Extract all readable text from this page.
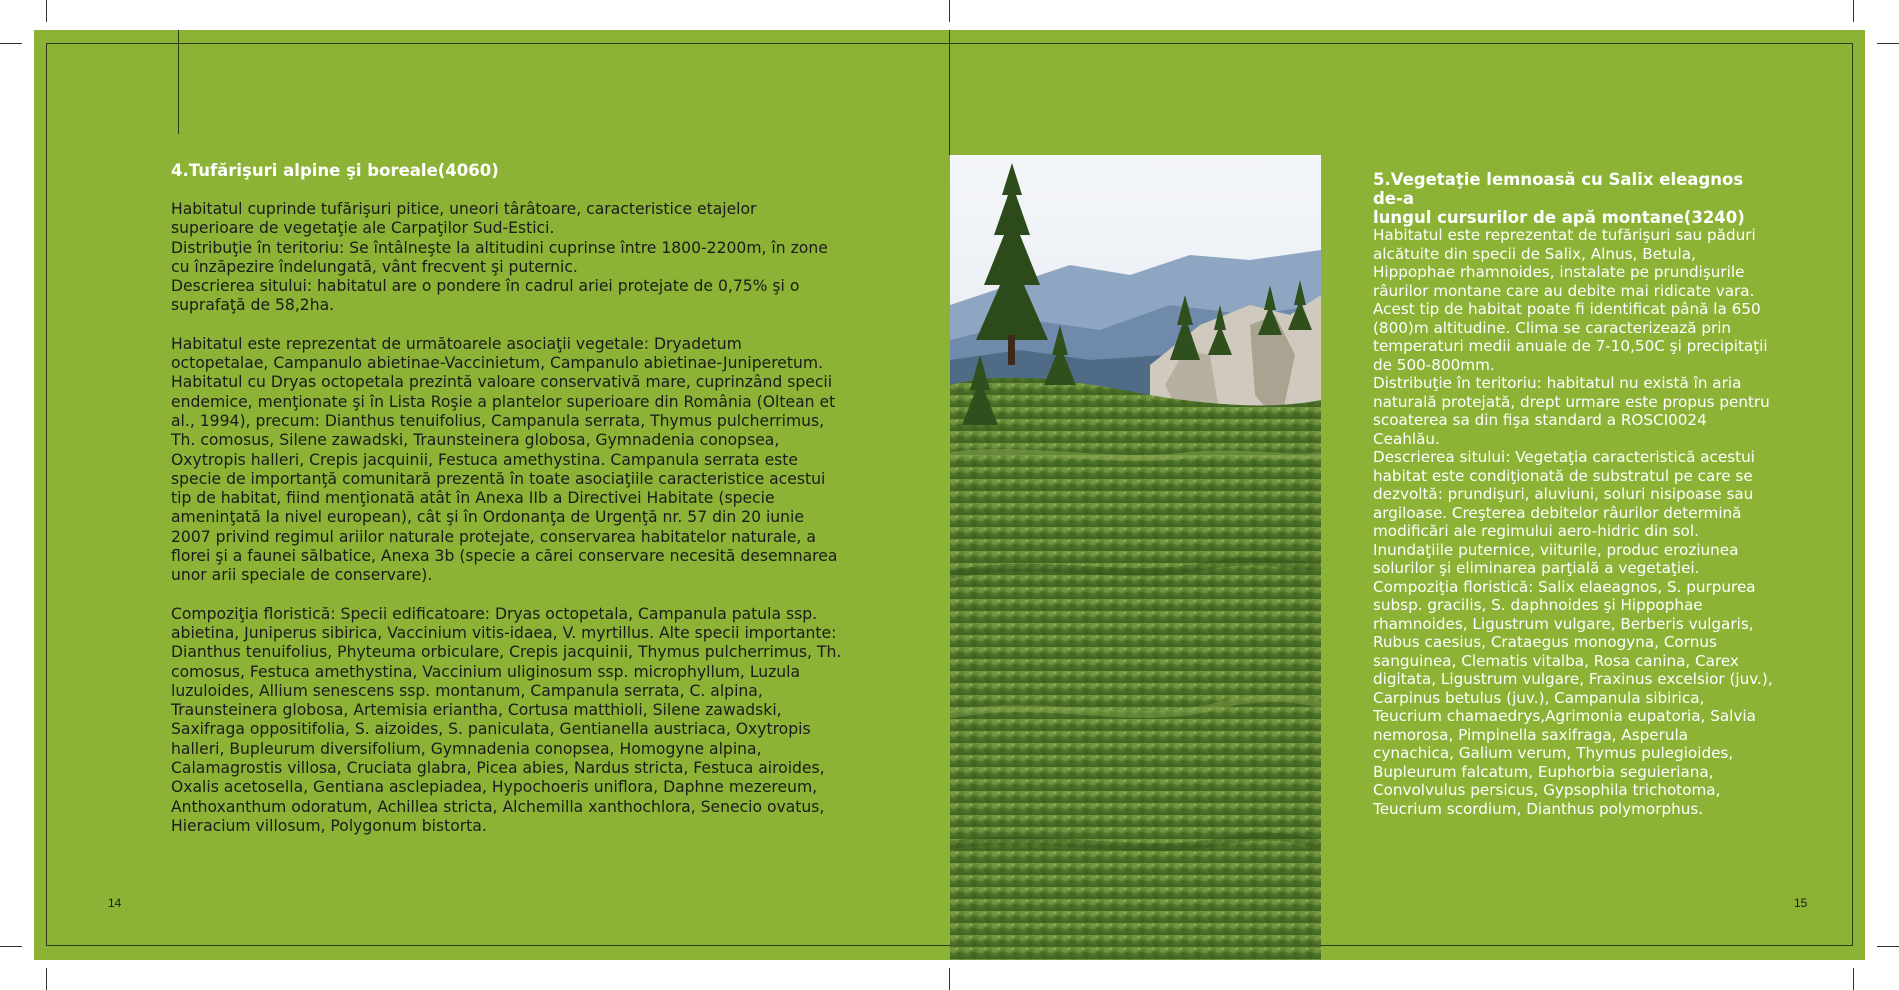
4.Tufărişuri alpine şi boreale(4060)

Habitatul cuprinde tufărişuri pitice, uneori târâtoare, caracteristice etajelor superioare de vegetaţie ale Carpaţilor Sud-Estici.

Distribuţie în teritoriu: Se întâlneşte la altitudini cuprinse între 1800-2200m, în zone cu înzăpezire îndelungată, vânt frecvent şi puternic.

Descrierea sitului: habitatul are o pondere în cadrul ariei protejate de 0,75% şi o suprafaţă de 58,2ha.

Habitatul este reprezentat de următoarele asociaţii vegetale: Dryadetum octopetalae, Campanulo abietinae-Vaccinietum, Campanulo abietinae-Juniperetum.

Habitatul cu Dryas octopetala prezintă valoare conservativă mare, cuprinzând specii endemice, menţionate şi în Lista Roşie a plantelor superioare din România (Oltean et al., 1994), precum: Dianthus tenuifolius, Campanula serrata, Thymus pulcherrimus, Th. comosus, Silene zawadski, Traunsteinera globosa, Gymnadenia conopsea, Oxytropis halleri, Crepis jacquinii, Festuca amethystina. Campanula serrata este specie de importanţă comunitară prezentă în toate asociaţiile caracteristice acestui tip de habitat, fiind menţionată atât în Anexa IIb a Directivei Habitate (specie ameninţată la nivel european), cât şi în Ordonanţa de Urgenţă nr. 57 din 20 iunie 2007 privind regimul ariilor naturale protejate, conservarea habitatelor naturale, a florei şi a faunei sălbatice, Anexa 3b (specie a cărei conservare necesită desemnarea unor arii speciale de conservare).

Compoziţia floristică: Specii edificatoare: Dryas octopetala, Campanula patula ssp. abietina, Juniperus sibirica, Vaccinium vitis-idaea, V. myrtillus. Alte specii importante: Dianthus tenuifolius, Phyteuma orbiculare, Crepis jacquinii, Thymus pulcherrimus, Th. comosus, Festuca amethystina, Vaccinium uliginosum ssp. microphyllum, Luzula luzuloides, Allium senescens ssp. montanum, Campanula serrata, C. alpina, Traunsteinera globosa, Artemisia eriantha, Cortusa matthioli, Silene zawadski, Saxifraga oppositifolia, S. aizoides, S. paniculata, Gentianella austriaca, Oxytropis halleri, Bupleurum diversifolium, Gymnadenia conopsea, Homogyne alpina, Calamagrostis villosa, Cruciata glabra, Picea abies, Nardus stricta, Festuca airoides, Oxalis acetosella, Gentiana asclepiadea, Hypochoeris uniflora, Daphne mezereum, Anthoxanthum odoratum, Achillea stricta, Alchemilla xanthochlora, Senecio ovatus, Hieracium villosum, Polygonum bistorta.

14
5.Vegetaţie lemnoasă cu Salix eleagnos de-a
lungul cursurilor de apă montane(3240)

Habitatul este reprezentat de tufărişuri sau păduri alcătuite din specii de Salix, Alnus, Betula, Hippophae rhamnoides, instalate pe prundişurile râurilor montane care au debite mai ridicate vara. Acest tip de habitat poate fi identificat până la 650 (800)m altitudine. Clima se caracterizează prin temperaturi medii anuale de 7-10,50C şi precipitaţii de 500-800mm.

Distribuţie în teritoriu: habitatul nu există în aria naturală protejată, drept urmare este propus pentru scoaterea sa din fişa standard a ROSCI0024 Ceahlău.

Descrierea sitului: Vegetaţia caracteristică acestui habitat este condiţionată de substratul pe care se dezvoltă: prundişuri, aluviuni, soluri nisipoase sau argiloase. Creşterea debitelor râurilor determină modificări ale regimului aero-hidric din sol. Inundaţiile puternice, viiturile, produc eroziunea solurilor şi eliminarea parţială a vegetaţiei.

Compoziţia floristică: Salix elaeagnos, S. purpurea subsp. gracilis, S. daphnoides şi Hippophae rhamnoides, Ligustrum vulgare, Berberis vulgaris, Rubus caesius, Crataegus monogyna, Cornus sanguinea, Clematis vitalba, Rosa canina, Carex digitata, Ligustrum vulgare, Fraxinus excelsior (juv.), Carpinus betulus (juv.), Campanula sibirica, Teucrium chamaedrys,Agrimonia eupatoria, Salvia nemorosa, Pimpinella saxifraga, Asperula cynachica, Galium verum, Thymus pulegioides, Bupleurum falcatum, Euphorbia seguieriana, Convolvulus persicus, Gypsophila trichotoma, Teucrium scordium, Dianthus polymorphus.

15
